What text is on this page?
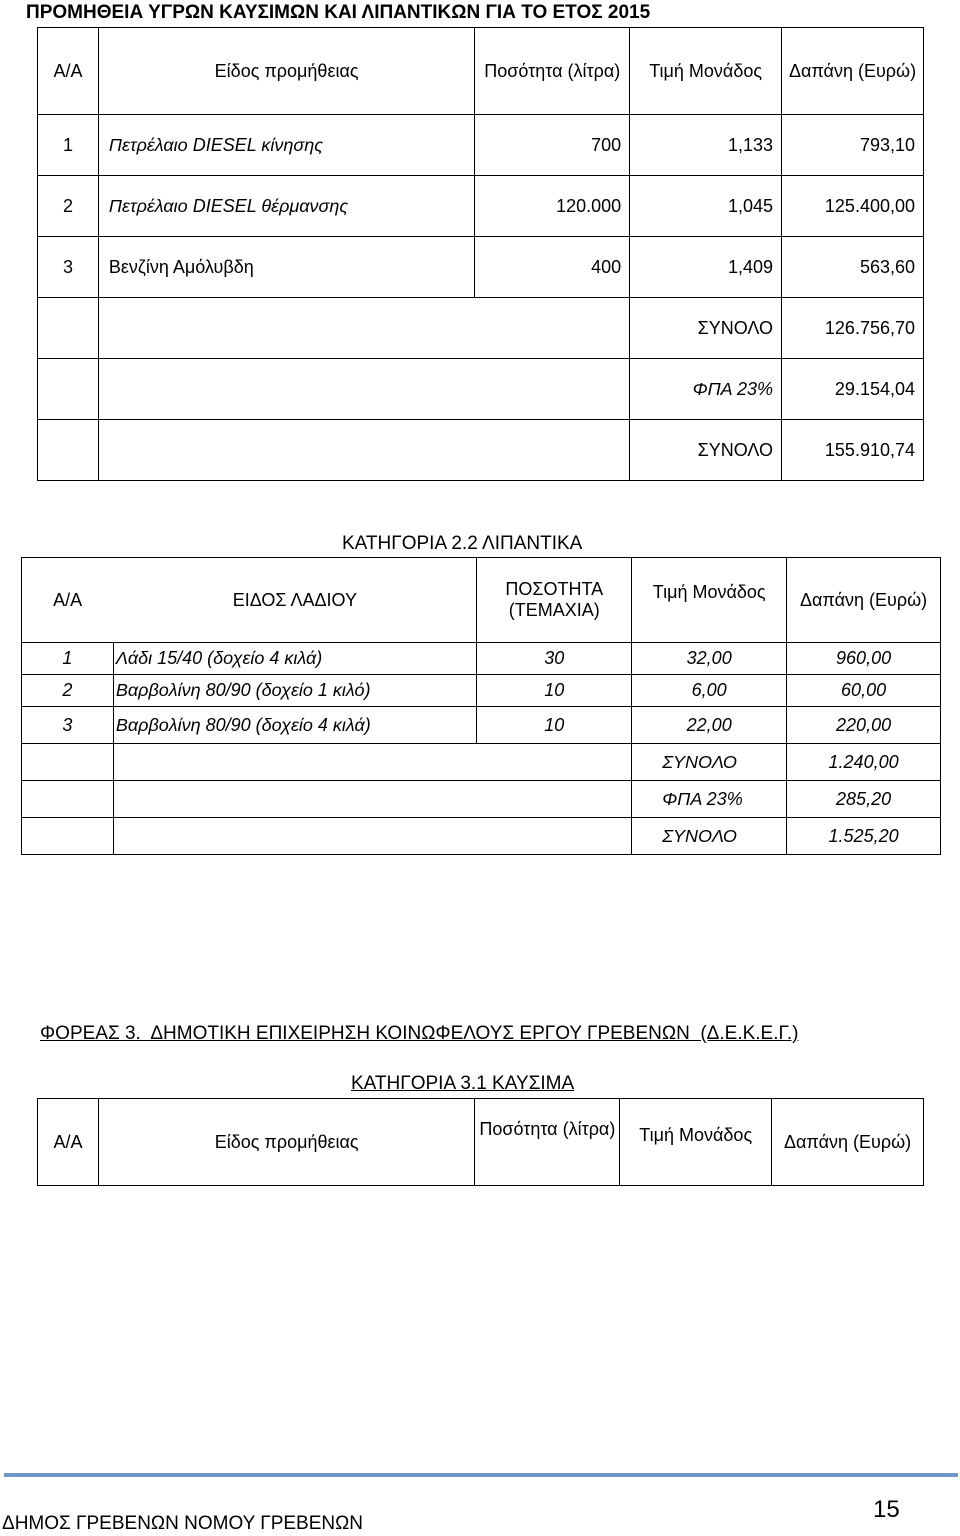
ΠΡΟΜΗΘΕΙΑ ΥΓΡΩΝ ΚΑΥΣΙΜΩΝ ΚΑΙ ΛΙΠΑΝΤΙΚΩΝ ΓΙΑ ΤΟ ΕΤΟΣ 2015
Α/Α	Είδος προμήθειας	Ποσότητα (λίτρα)	Τιμή Μονάδος	Δαπάνη (Ευρώ)
1	Πετρέλαιο DIESEL κίνησης	700	1,133	793,10
2	Πετρέλαιο DIESEL θέρμανσης	120.000	1,045	125.400,00
3	Βενζίνη Αμόλυβδη	400	1,409	563,60
			ΣΥΝΟΛΟ	126.756,70
			ΦΠΑ 23%	29.154,04
			ΣΥΝΟΛΟ	155.910,74
ΚΑΤΗΓΟΡΙΑ 2.2 ΛΙΠΑΝΤΙΚΑ
Α/Α	ΕΙΔΟΣ ΛΑΔΙΟΥ	ΠΟΣΟΤΗΤΑ (ΤΕΜΑΧΙΑ)	Τιμή Μονάδος	Δαπάνη (Ευρώ)
1	Λάδι 15/40 (δοχείο 4 κιλά)	30	32,00	960,00
2	Βαρβολίνη 80/90 (δοχείο 1 κιλό)	10	6,00	60,00
3	Βαρβολίνη 80/90 (δοχείο 4 κιλά)	10	22,00	220,00
			ΣΥΝΟΛΟ	1.240,00
			ΦΠΑ 23%	285,20
			ΣΥΝΟΛΟ	1.525,20
ΦΟΡΕΑΣ 3.  ΔΗΜΟΤΙΚΗ ΕΠΙΧΕΙΡΗΣΗ ΚΟΙΝΩΦΕΛΟΥΣ ΕΡΓΟΥ ΓΡΕΒΕΝΩΝ  (Δ.Ε.Κ.Ε.Γ.)
ΚΑΤΗΓΟΡΙΑ 3.1 ΚΑΥΣΙΜΑ
Α/Α	Είδος προμήθειας	Ποσότητα (λίτρα)	Τιμή Μονάδος	Δαπάνη (Ευρώ)
ΔΗΜΟΣ ΓΡΕΒΕΝΩΝ ΝΟΜΟΥ ΓΡΕΒΕΝΩΝ
15
